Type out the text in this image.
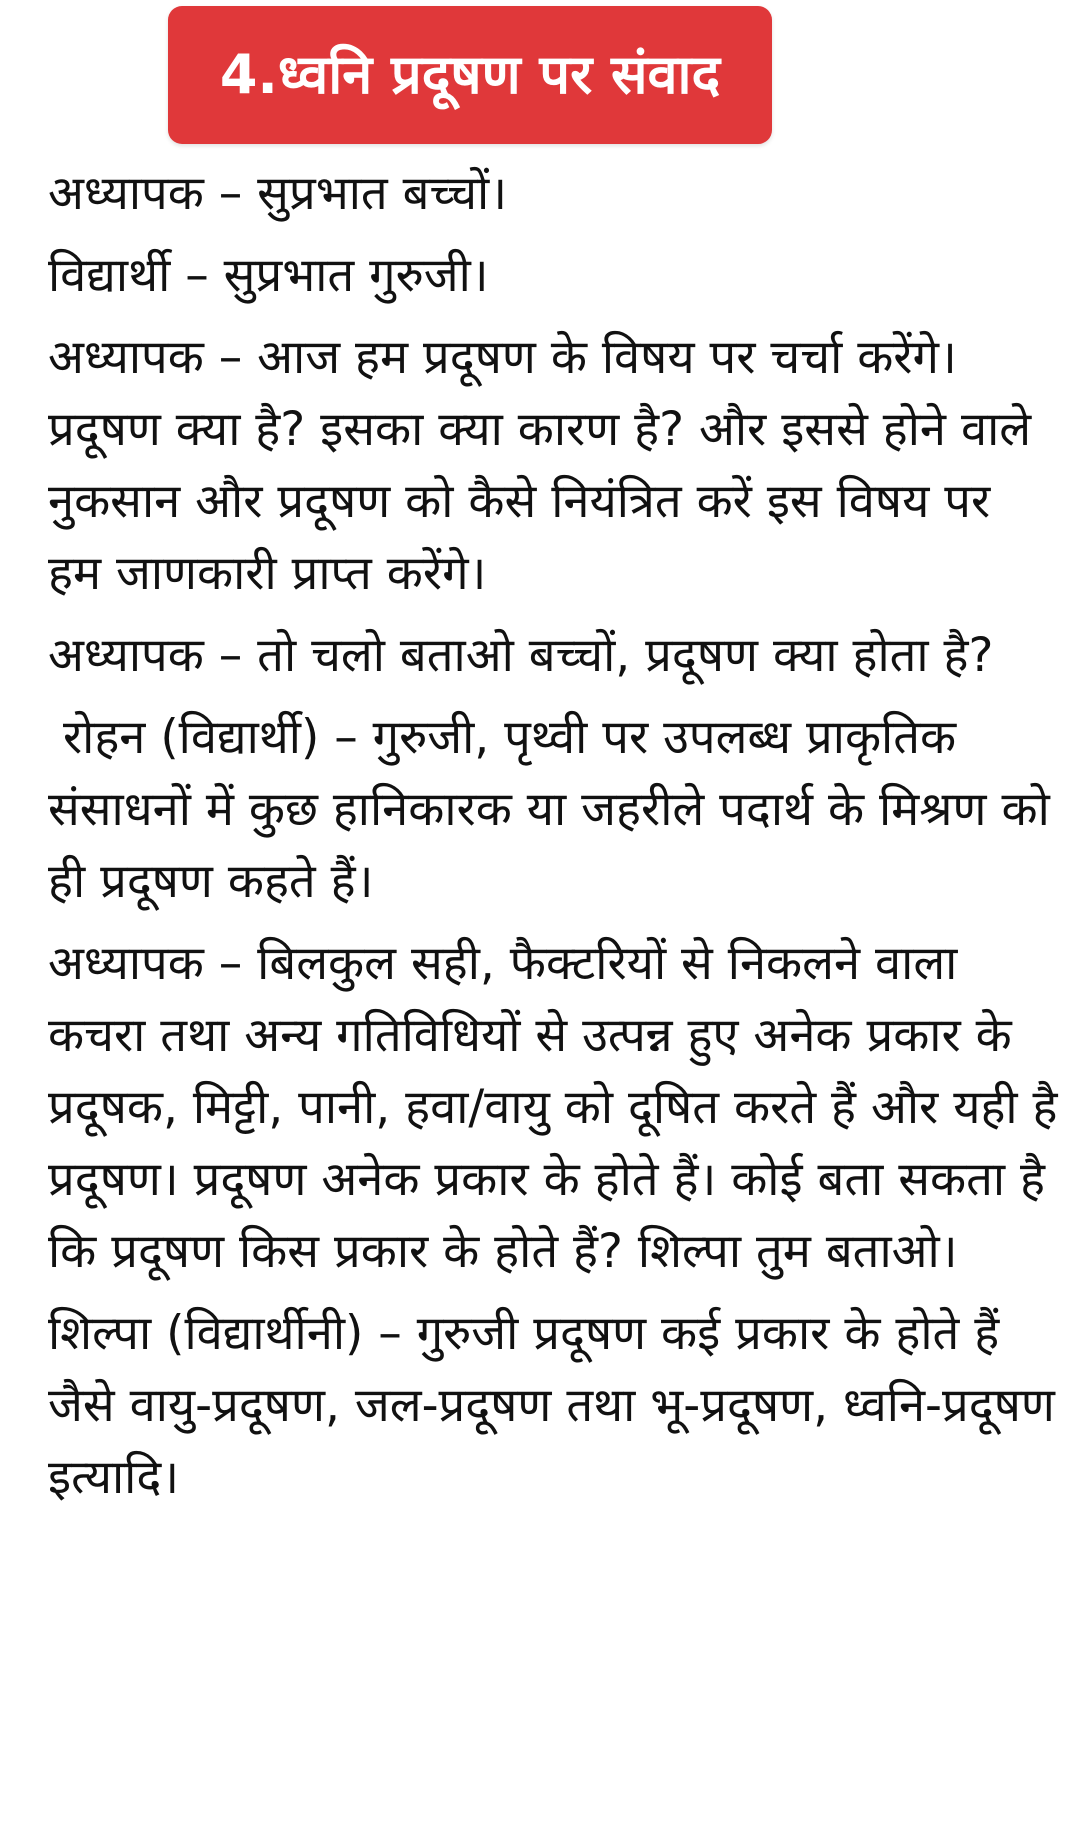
4.ध्वनि प्रदूषण पर संवाद

अध्यापक – सुप्रभात बच्चों।

विद्यार्थी – सुप्रभात गुरुजी।

अध्यापक – आज हम प्रदूषण के विषय पर चर्चा करेंगे। प्रदूषण क्या है? इसका क्या कारण है? और इससे होने वाले नुकसान और प्रदूषण को कैसे नियंत्रित करें इस विषय पर हम जाणकारी प्राप्त करेंगे।

अध्यापक – तो चलो बताओ बच्चों, प्रदूषण क्या होता है?

रोहन (विद्यार्थी) – गुरुजी, पृथ्वी पर उपलब्ध प्राकृतिक संसाधनों में कुछ हानिकारक या जहरीले पदार्थ के मिश्रण को ही प्रदूषण कहते हैं।

अध्यापक – बिलकुल सही, फैक्टरियों से निकलने वाला कचरा तथा अन्य गतिविधियों से उत्पन्न हुए अनेक प्रकार के प्रदूषक, मिट्टी, पानी, हवा/वायु को दूषित करते हैं और यही है प्रदूषण। प्रदूषण अनेक प्रकार के होते हैं। कोई बता सकता है कि प्रदूषण किस प्रकार के होते हैं? शिल्पा तुम बताओ।

शिल्पा (विद्यार्थीनी) – गुरुजी प्रदूषण कई प्रकार के होते हैं जैसे वायु-प्रदूषण, जल-प्रदूषण तथा भू-प्रदूषण, ध्वनि-प्रदूषण इत्यादि।
